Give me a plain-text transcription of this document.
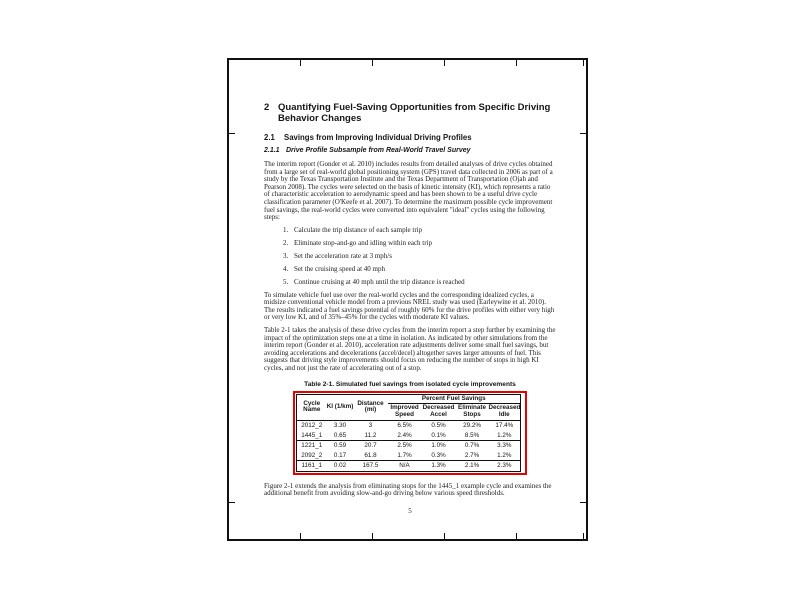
2 Quantifying Fuel-Saving Opportunities from Specific Driving
Behavior Changes
2.1	Savings from Improving Individual Driving Profiles
2.1.1 Drive Profile Subsample from Real-World Travel Survey

The interim report (Gonder et al. 2010) includes results from detailed analyses of drive cycles obtained from a large set of real-world global positioning system (GPS) travel data collected in 2006 as part of a study by the Texas Transportation Institute and the Texas Department of Transportation (Ojah and Pearson 2008). The cycles were selected on the basis of kinetic intensity (KI), which represents a ratio of characteristic acceleration to aerodynamic speed and has been shown to be a useful drive cycle classification parameter (O'Keefe et al. 2007). To determine the maximum possible cycle improvement fuel savings, the real-world cycles were converted into equivalent "ideal" cycles using the following steps:

1. Calculate the trip distance of each sample trip
2. Eliminate stop-and-go and idling within each trip
3. Set the acceleration rate at 3 mph/s
4. Set the cruising speed at 40 mph
5. Continue cruising at 40 mph until the trip distance is reached

To simulate vehicle fuel use over the real-world cycles and the corresponding idealized cycles, a midsize conventional vehicle model from a previous NREL study was used (Earleywine et al. 2010). The results indicated a fuel savings potential of roughly 60% for the drive profiles with either very high or very low KI, and of 35%–45% for the cycles with moderate KI values.

Table 2-1 takes the analysis of these drive cycles from the interim report a step further by examining the impact of the optimization steps one at a time in isolation. As indicated by other simulations from the interim report (Gonder et al. 2010), acceleration rate adjustments deliver some small fuel savings, but avoiding accelerations and decelerations (accel/decel) altogether saves larger amounts of fuel. This suggests that driving style improvements should focus on reducing the number of stops in high KI cycles, and not just the rate of accelerating out of a stop.

Table 2-1. Simulated fuel savings from isolated cycle improvements

Cycle Name	KI (1/km)	Distance (mi)	Percent Fuel Savings			
			Improved Speed	Decreased Accel	Eliminate Stops	Decreased Idle
2012_2	3.30	3	6.5%	0.5%	29.2%	17.4%
1445_1	0.65	11.2	2.4%	0.1%	8.5%	1.2%
1221_1	0.59	20.7	2.5%	1.0%	0.7%	3.3%
2092_2	0.17	61.8	1.7%	0.3%	2.7%	1.2%
1161_1	0.02	167.5	N/A	1.3%	2.1%	2.3%

Figure 2-1 extends the analysis from eliminating stops for the 1445_1 example cycle and examines the additional benefit from avoiding slow-and-go driving below various speed thresholds.

5
